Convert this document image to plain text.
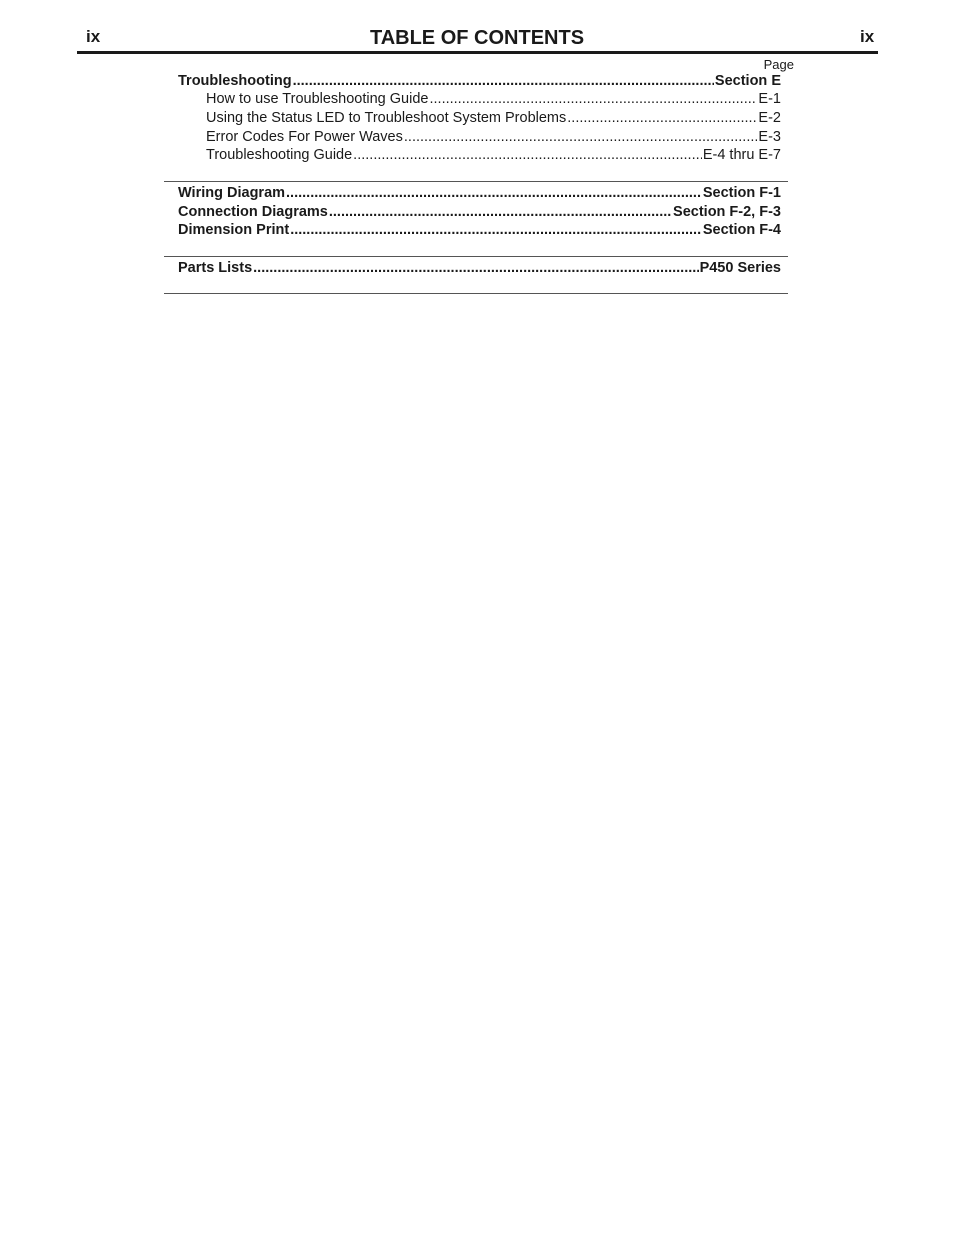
ix	TABLE OF CONTENTS	ix
Page
Troubleshooting .....	Section E
How to use Troubleshooting Guide .....	E-1
Using the Status LED to Troubleshoot System Problems .....	E-2
Error Codes For Power Waves .....	E-3
Troubleshooting Guide .....	E-4 thru E-7
Wiring Diagram .....	Section F-1
Connection Diagrams .....	Section F-2, F-3
Dimension Print .....	Section F-4
Parts Lists .....	P450 Series
